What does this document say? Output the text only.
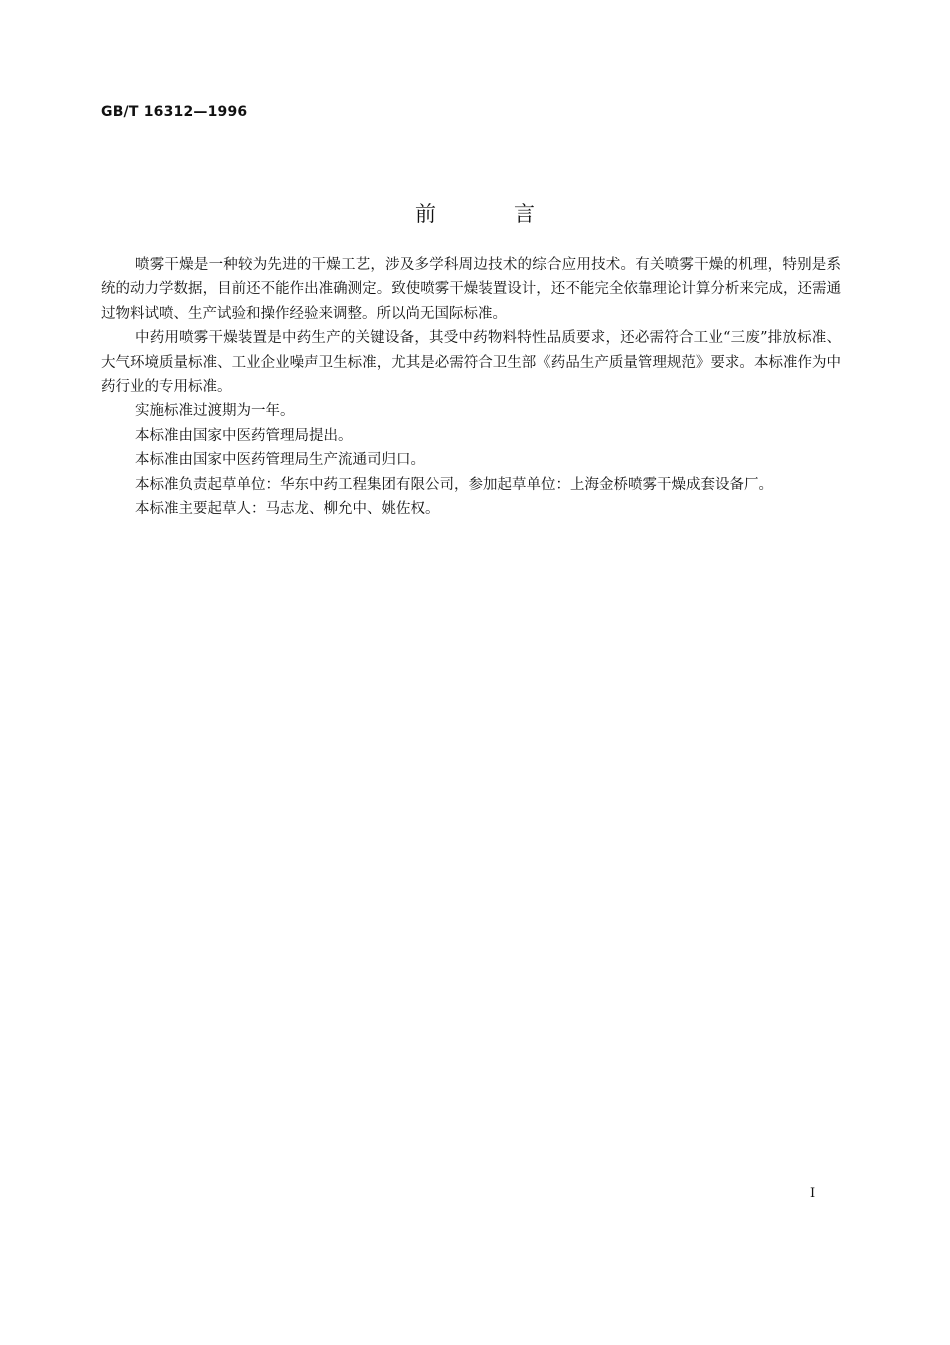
GB/T 16312—1996
前	言

喷雾干燥是一种较为先进的干燥工艺，涉及多学科周边技术的综合应用技术。有关喷雾干燥的机理，特别是系统的动力学数据，目前还不能作出准确测定。致使喷雾干燥装置设计，还不能完全依靠理论计算分析来完成，还需通过物料试喷、生产试验和操作经验来调整。所以尚无国际标准。

中药用喷雾干燥装置是中药生产的关键设备，其受中药物料特性品质要求，还必需符合工业“三废”排放标准、大气环境质量标准、工业企业噪声卫生标准，尤其是必需符合卫生部《药品生产质量管理规范》要求。本标准作为中药行业的专用标准。

实施标准过渡期为一年。

本标准由国家中医药管理局提出。

本标准由国家中医药管理局生产流通司归口。

本标准负责起草单位：华东中药工程集团有限公司，参加起草单位：上海金桥喷雾干燥成套设备厂。

本标准主要起草人：马志龙、柳允中、姚佐权。

I
